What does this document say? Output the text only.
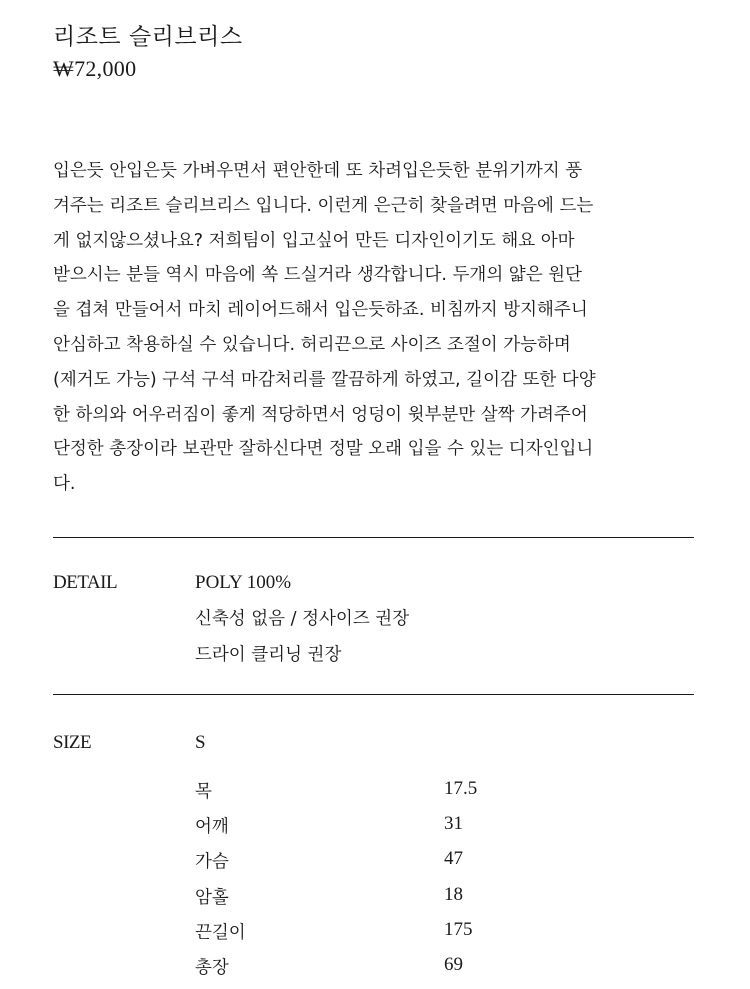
리조트 슬리브리스
₩72,000

입은듯 안입은듯 가벼우면서 편안한데 또 차려입은듯한 분위기까지 풍
겨주는 리조트 슬리브리스 입니다. 이런게 은근히 찾을려면 마음에 드는
게 없지않으셨나요? 저희팀이 입고싶어 만든 디자인이기도 해요 아마
받으시는 분들 역시 마음에 쏙 드실거라 생각합니다. 두개의 얇은 원단
을 겹쳐 만들어서 마치 레이어드해서 입은듯하죠. 비침까지 방지해주니
안심하고 착용하실 수 있습니다. 허리끈으로 사이즈 조절이 가능하며
(제거도 가능) 구석 구석 마감처리를 깔끔하게 하였고, 길이감 또한 다양
한 하의와 어우러짐이 좋게 적당하면서 엉덩이 윗부분만 살짝 가려주어
단정한 총장이라 보관만 잘하신다면 정말 오래 입을 수 있는 디자인입니
다.

DETAIL	POLY 100%
신축성 없음 / 정사이즈 권장
드라이 클리닝 권장
SIZE	S
목	17.5
어깨	31
가슴	47
암홀	18
끈길이	175
총장	69
